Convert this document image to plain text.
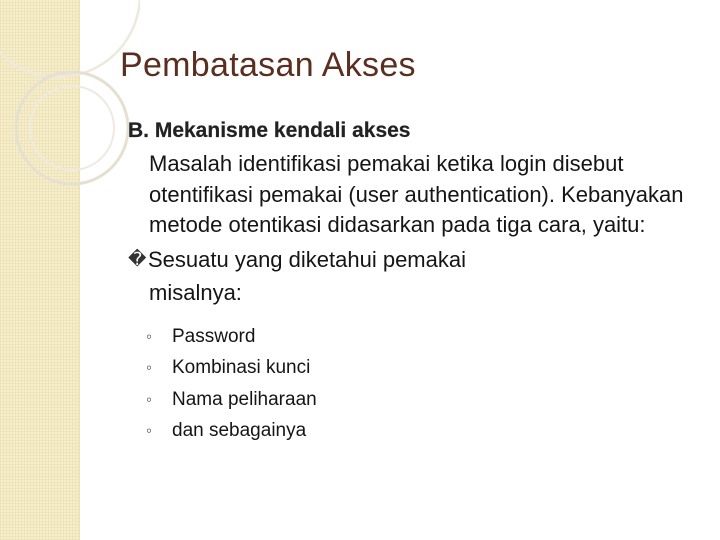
Pembatasan Akses

B. Mekanisme kendali akses

Masalah identifikasi pemakai ketika login disebut otentifikasi pemakai (user authentication). Kebanyakan metode otentikasi didasarkan pada tiga cara, yaitu:

� Sesuatu yang diketahui pemakai

misalnya:

◦	Password
◦	Kombinasi kunci
◦	Nama peliharaan
◦	dan sebagainya
